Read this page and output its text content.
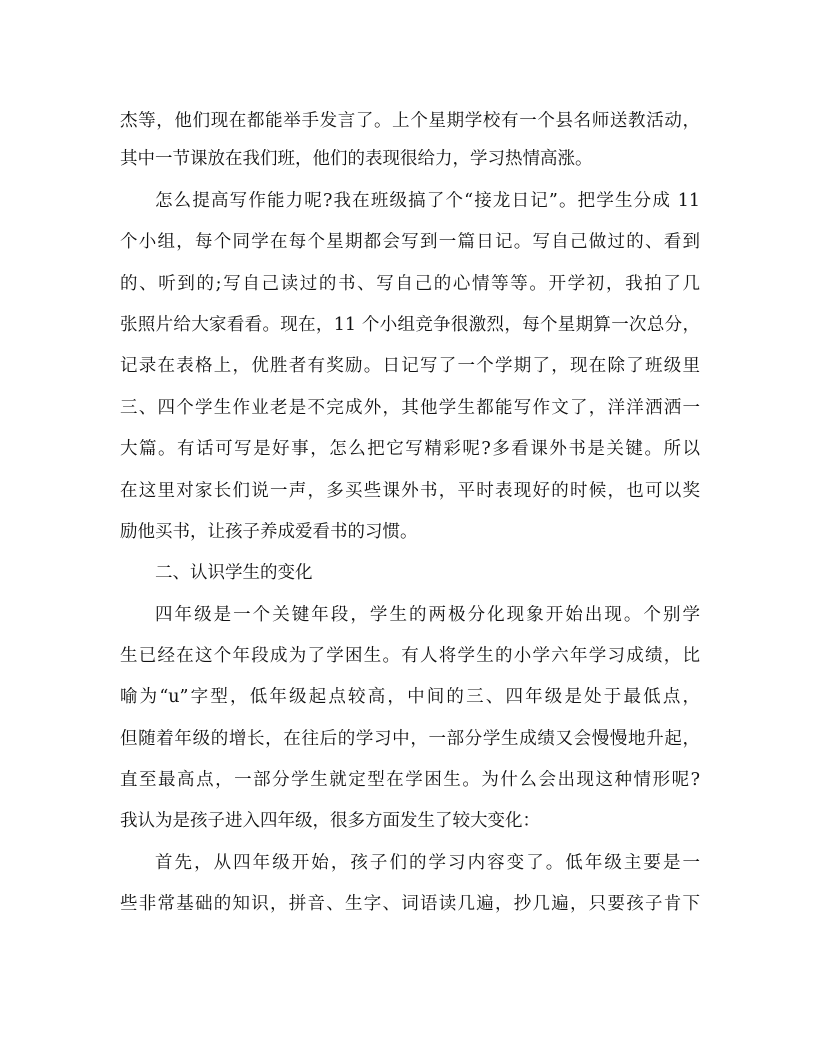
杰等，他们现在都能举手发言了。上个星期学校有一个县名师送教活动，
其中一节课放在我们班，他们的表现很给力，学习热情高涨。
怎么提高写作能力呢?我在班级搞了个“接龙日记”。把学生分成 11
个小组，每个同学在每个星期都会写到一篇日记。写自己做过的、看到
的、听到的;写自己读过的书、写自己的心情等等。开学初，我拍了几
张照片给大家看看。现在，11 个小组竞争很激烈，每个星期算一次总分，
记录在表格上，优胜者有奖励。日记写了一个学期了，现在除了班级里
三、四个学生作业老是不完成外，其他学生都能写作文了，洋洋洒洒一
大篇。有话可写是好事，怎么把它写精彩呢?多看课外书是关键。所以
在这里对家长们说一声，多买些课外书，平时表现好的时候，也可以奖
励他买书，让孩子养成爱看书的习惯。
二、认识学生的变化
四年级是一个关键年段，学生的两极分化现象开始出现。个别学
生已经在这个年段成为了学困生。有人将学生的小学六年学习成绩，比
喻为“u”字型，低年级起点较高，中间的三、四年级是处于最低点，
但随着年级的增长，在往后的学习中，一部分学生成绩又会慢慢地升起，
直至最高点，一部分学生就定型在学困生。为什么会出现这种情形呢?
我认为是孩子进入四年级，很多方面发生了较大变化：
首先，从四年级开始，孩子们的学习内容变了。低年级主要是一
些非常基础的知识，拼音、生字、词语读几遍，抄几遍，只要孩子肯下
